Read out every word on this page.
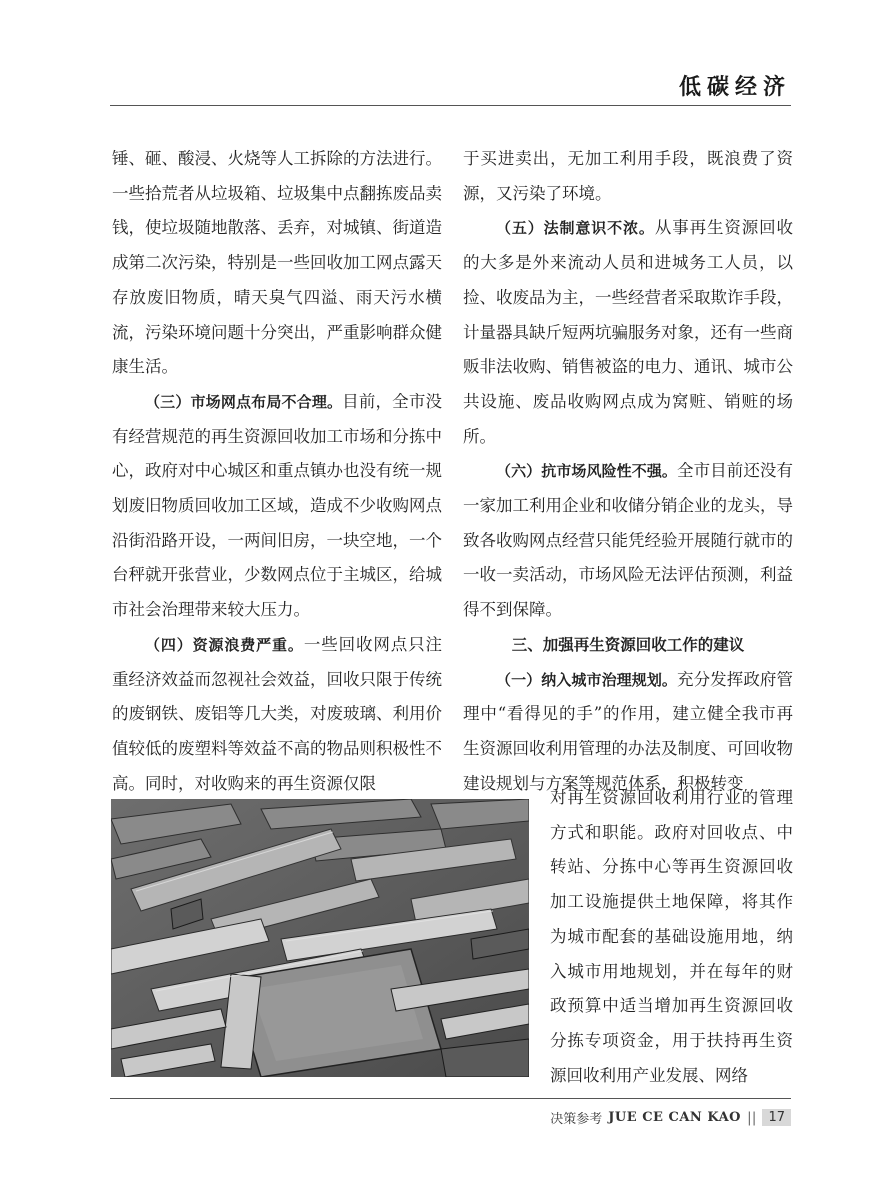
低碳经济

锤、砸、酸浸、火烧等人工拆除的方法进行。一些拾荒者从垃圾箱、垃圾集中点翻拣废品卖钱，使垃圾随地散落、丢弃，对城镇、街道造成第二次污染，特别是一些回收加工网点露天存放废旧物质，晴天臭气四溢、雨天污水横流，污染环境问题十分突出，严重影响群众健康生活。

（三）市场网点布局不合理。目前，全市没有经营规范的再生资源回收加工市场和分拣中心，政府对中心城区和重点镇办也没有统一规划废旧物质回收加工区域，造成不少收购网点沿街沿路开设，一两间旧房，一块空地，一个台秤就开张营业，少数网点位于主城区，给城市社会治理带来较大压力。

（四）资源浪费严重。一些回收网点只注重经济效益而忽视社会效益，回收只限于传统的废钢铁、废铝等几大类，对废玻璃、利用价值较低的废塑料等效益不高的物品则积极性不高。同时，对收购来的再生资源仅限

于买进卖出，无加工利用手段，既浪费了资源，又污染了环境。

（五）法制意识不浓。从事再生资源回收的大多是外来流动人员和进城务工人员，以捡、收废品为主，一些经营者采取欺诈手段，计量器具缺斤短两坑骗服务对象，还有一些商贩非法收购、销售被盗的电力、通讯、城市公共设施、废品收购网点成为窝赃、销赃的场所。

（六）抗市场风险性不强。全市目前还没有一家加工利用企业和收储分销企业的龙头，导致各收购网点经营只能凭经验开展随行就市的一收一卖活动，市场风险无法评估预测，利益得不到保障。

三、加强再生资源回收工作的建议

（一）纳入城市治理规划。充分发挥政府管理中“看得见的手”的作用，建立健全我市再生资源回收利用管理的办法及制度、可回收物建设规划与方案等规范体系，积极转变

对再生资源回收利用行业的管理方式和职能。政府对回收点、中转站、分拣中心等再生资源回收加工设施提供土地保障，将其作为城市配套的基础设施用地，纳入城市用地规划，并在每年的财政预算中适当增加再生资源回收分拣专项资金，用于扶持再生资源回收利用产业发展、网络

决策参考 JUE CE CAN KAO || 17
